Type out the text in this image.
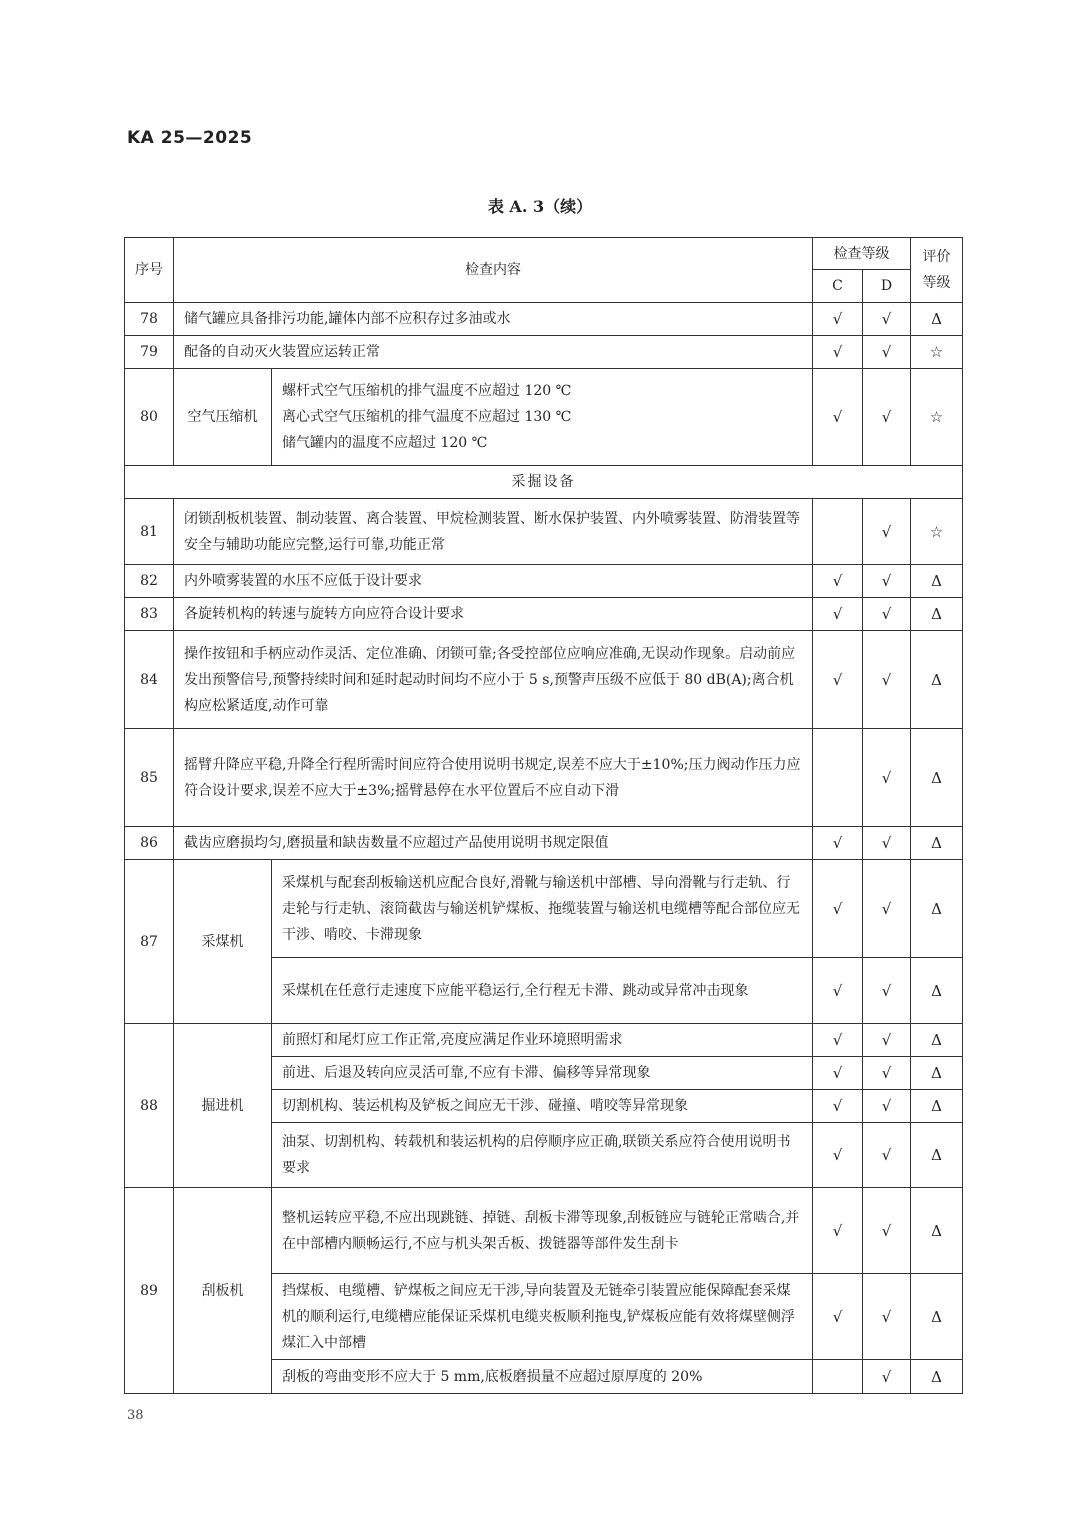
KA 25—2025
表 A. 3（续）
序号	检查内容		检查等级		评价等级

			C	D	
78	储气罐应具备排污功能,罐体内部不应积存过多油或水		√	√	Δ
79	配备的自动灭火装置应运转正常		√	√	☆
80	空气压缩机	螺杆式空气压缩机的排气温度不应超过 120 ℃
离心式空气压缩机的排气温度不应超过 130 ℃
储气罐内的温度不应超过 120 ℃	√	√	☆
采掘设备					
81	闭锁刮板机装置、制动装置、离合装置、甲烷检测装置、断水保护装置、内外喷雾装置、防滑装置等安全与辅助功能应完整,运行可靠,功能正常			√	☆
82	内外喷雾装置的水压不应低于设计要求		√	√	Δ
83	各旋转机构的转速与旋转方向应符合设计要求		√	√	Δ
84	操作按钮和手柄应动作灵活、定位准确、闭锁可靠;各受控部位应响应准确,无误动作现象。启动前应发出预警信号,预警持续时间和延时起动时间均不应小于 5 s,预警声压级不应低于 80 dB(A);离合机构应松紧适度,动作可靠		√	√	Δ
85	摇臂升降应平稳,升降全行程所需时间应符合使用说明书规定,误差不应大于±10%;压力阀动作压力应符合设计要求,误差不应大于±3%;摇臂悬停在水平位置后不应自动下滑			√	Δ
86	截齿应磨损均匀,磨损量和缺齿数量不应超过产品使用说明书规定限值		√	√	Δ
87	采煤机	采煤机与配套刮板输送机应配合良好,滑靴与输送机中部槽、导向滑靴与行走轨、行走轮与行走轨、滚筒截齿与输送机铲煤板、拖缆装置与输送机电缆槽等配合部位应无干涉、啃咬、卡滞现象	√	√	Δ
		采煤机在任意行走速度下应能平稳运行,全行程无卡滞、跳动或异常冲击现象	√	√	Δ
88	掘进机	前照灯和尾灯应工作正常,亮度应满足作业环境照明需求	√	√	Δ
		前进、后退及转向应灵活可靠,不应有卡滞、偏移等异常现象	√	√	Δ
		切割机构、装运机构及铲板之间应无干涉、碰撞、啃咬等异常现象	√	√	Δ
		油泵、切割机构、转载机和装运机构的启停顺序应正确,联锁关系应符合使用说明书要求	√	√	Δ
89	刮板机	整机运转应平稳,不应出现跳链、掉链、刮板卡滞等现象,刮板链应与链轮正常啮合,并在中部槽内顺畅运行,不应与机头架舌板、拨链器等部件发生刮卡	√	√	Δ
		挡煤板、电缆槽、铲煤板之间应无干涉,导向装置及无链牵引装置应能保障配套采煤机的顺利运行,电缆槽应能保证采煤机电缆夹板顺利拖曳,铲煤板应能有效将煤壁侧浮煤汇入中部槽	√	√	Δ
		刮板的弯曲变形不应大于 5 mm,底板磨损量不应超过原厚度的 20%		√	Δ
38
